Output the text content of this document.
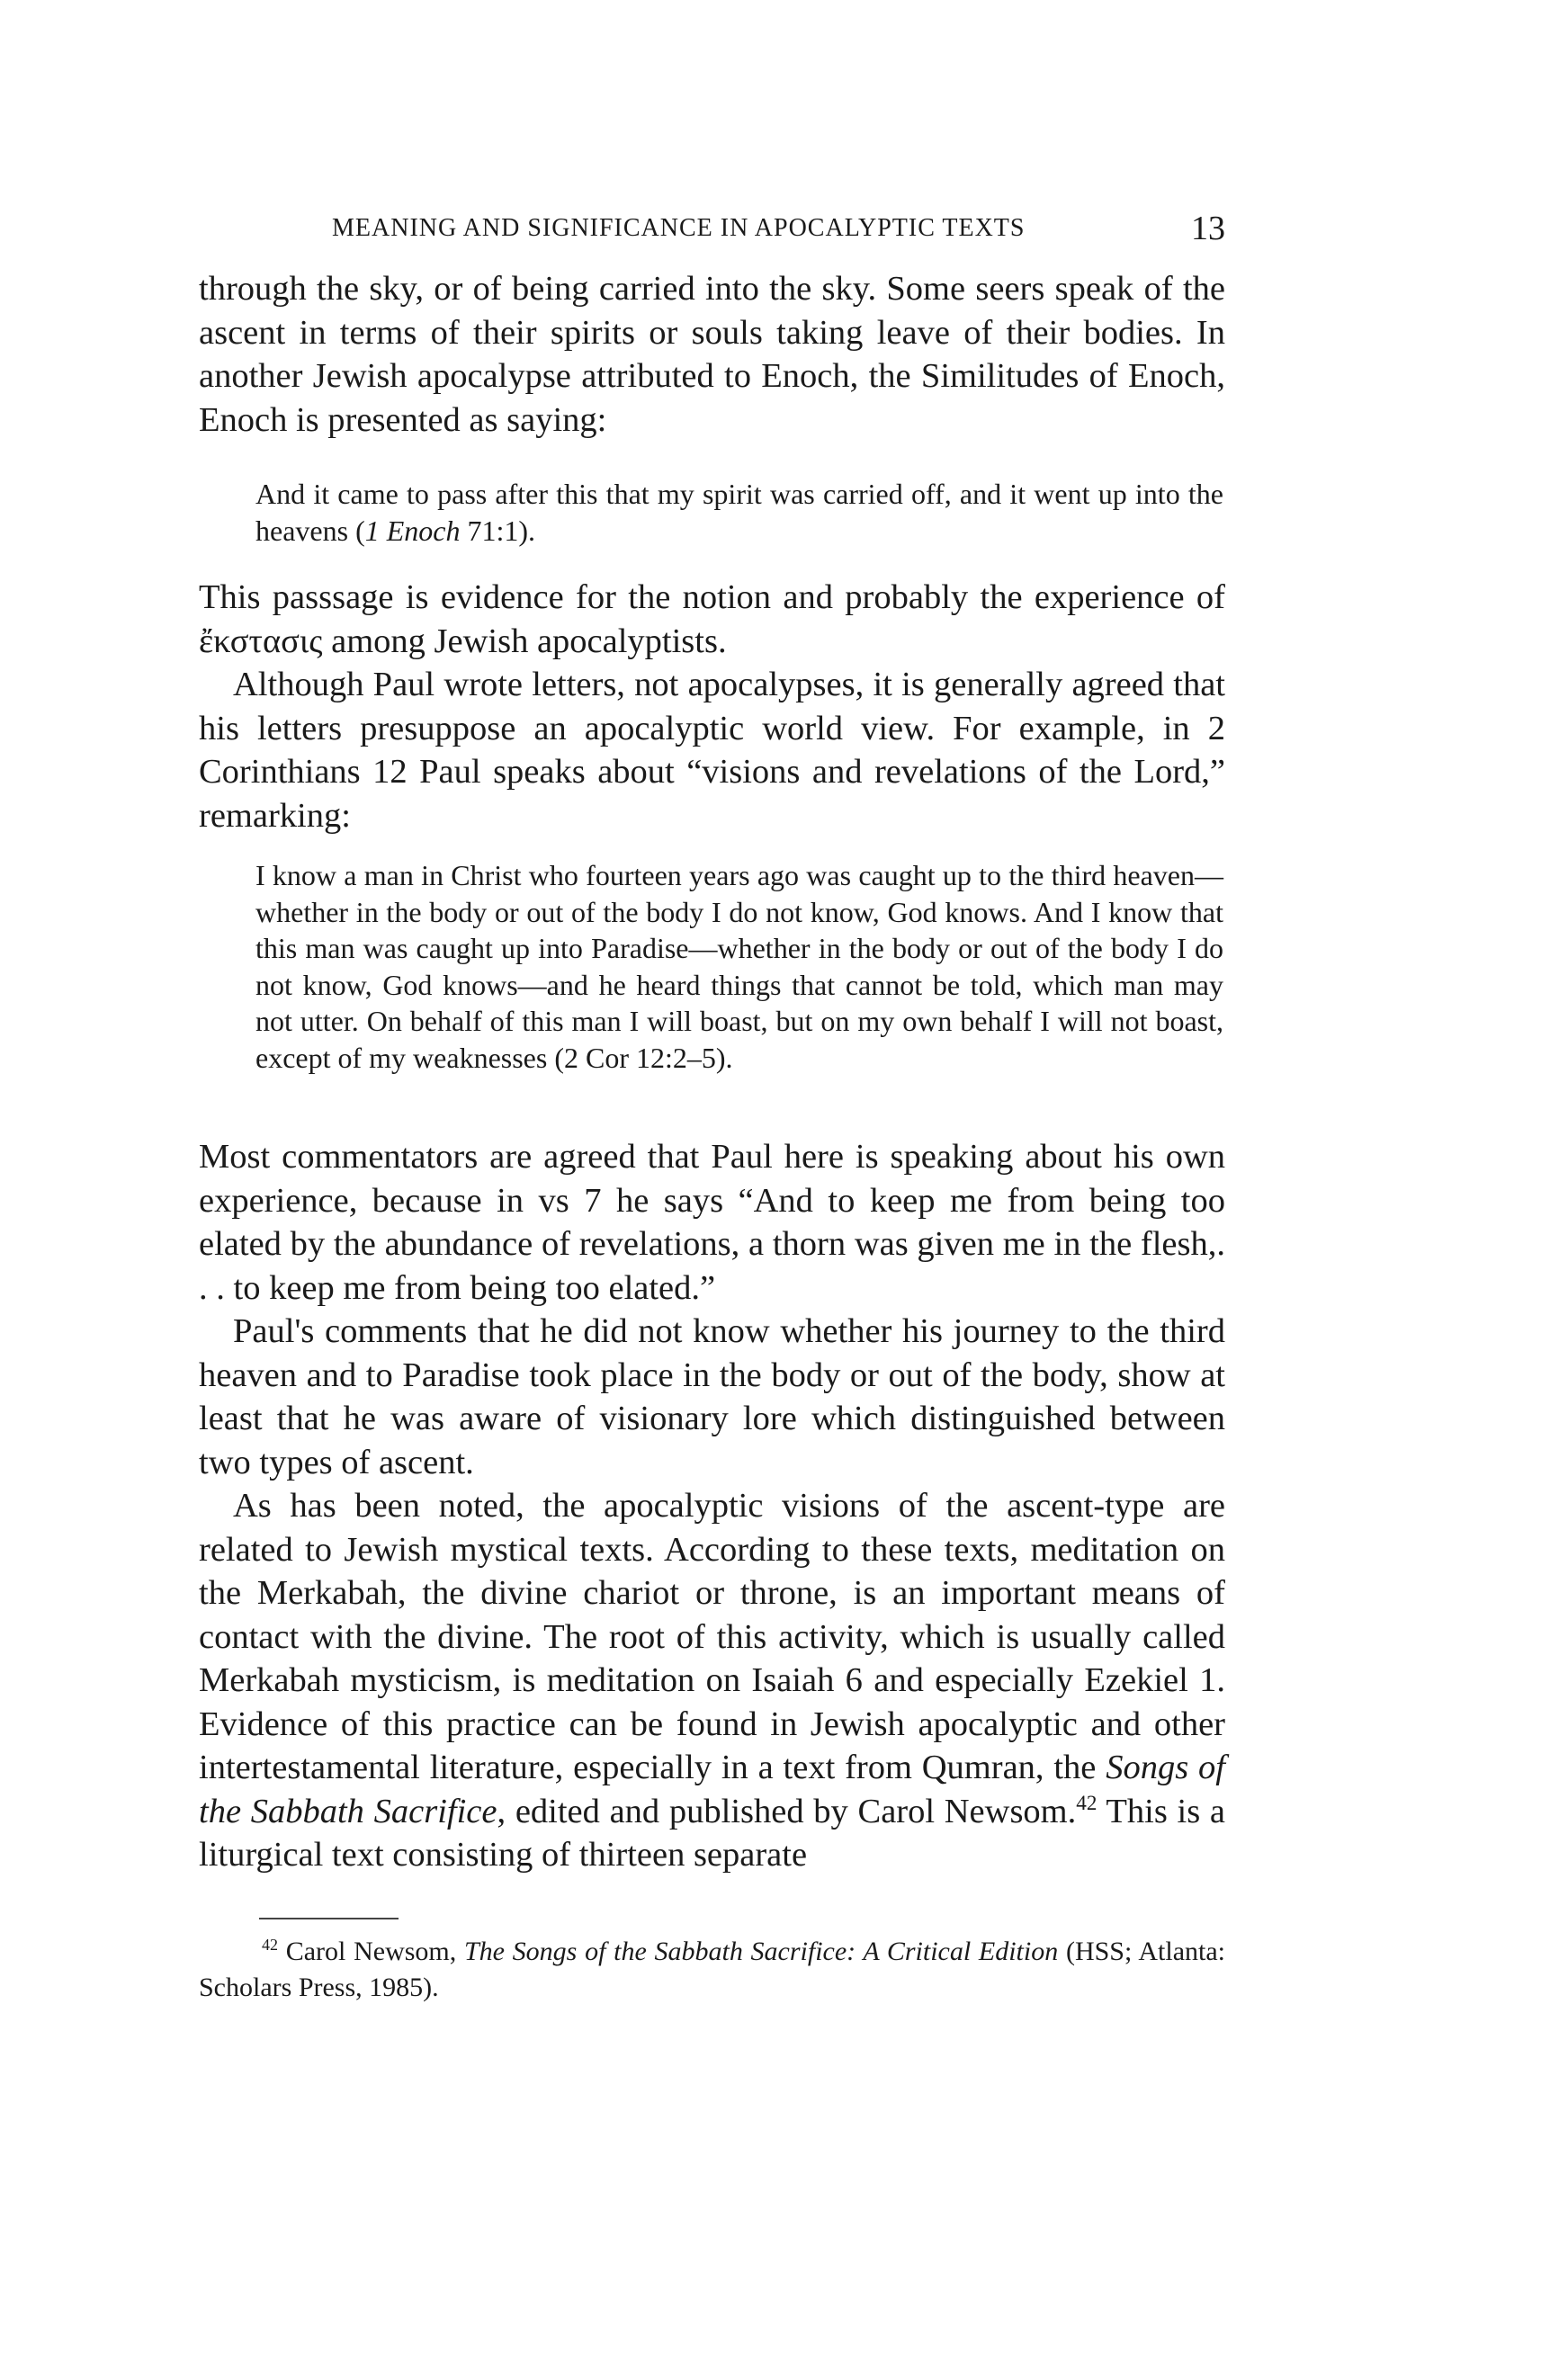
MEANING AND SIGNIFICANCE IN APOCALYPTIC TEXTS	13

through the sky, or of being carried into the sky. Some seers speak of the ascent in terms of their spirits or souls taking leave of their bodies. In another Jewish apocalypse attributed to Enoch, the Similitudes of Enoch, Enoch is presented as saying:

And it came to pass after this that my spirit was carried off, and it went up into the heavens (1 Enoch 71:1).

This passsage is evidence for the notion and probably the experience of ἔκστασις among Jewish apocalyptists.

Although Paul wrote letters, not apocalypses, it is generally agreed that his letters presuppose an apocalyptic world view. For example, in 2 Corinthians 12 Paul speaks about “visions and revelations of the Lord,” remarking:

I know a man in Christ who fourteen years ago was caught up to the third heaven—whether in the body or out of the body I do not know, God knows. And I know that this man was caught up into Paradise—whether in the body or out of the body I do not know, God knows—and he heard things that cannot be told, which man may not utter. On behalf of this man I will boast, but on my own behalf I will not boast, except of my weaknesses (2 Cor 12:2–5).

Most commentators are agreed that Paul here is speaking about his own experience, because in vs 7 he says “And to keep me from being too elated by the abundance of revelations, a thorn was given me in the flesh,. . . to keep me from being too elated.”

Paul's comments that he did not know whether his journey to the third heaven and to Paradise took place in the body or out of the body, show at least that he was aware of visionary lore which distinguished between two types of ascent.

As has been noted, the apocalyptic visions of the ascent-type are related to Jewish mystical texts. According to these texts, meditation on the Merkabah, the divine chariot or throne, is an important means of contact with the divine. The root of this activity, which is usually called Merkabah mysticism, is meditation on Isaiah 6 and especially Ezekiel 1. Evidence of this practice can be found in Jewish apocalyptic and other intertestamental literature, especially in a text from Qumran, the Songs of the Sabbath Sacrifice, edited and published by Carol Newsom.$^{42}$ This is a liturgical text consisting of thirteen separate

$^{42}$ Carol Newsom, The Songs of the Sabbath Sacrifice: A Critical Edition (HSS; Atlanta: Scholars Press, 1985).
